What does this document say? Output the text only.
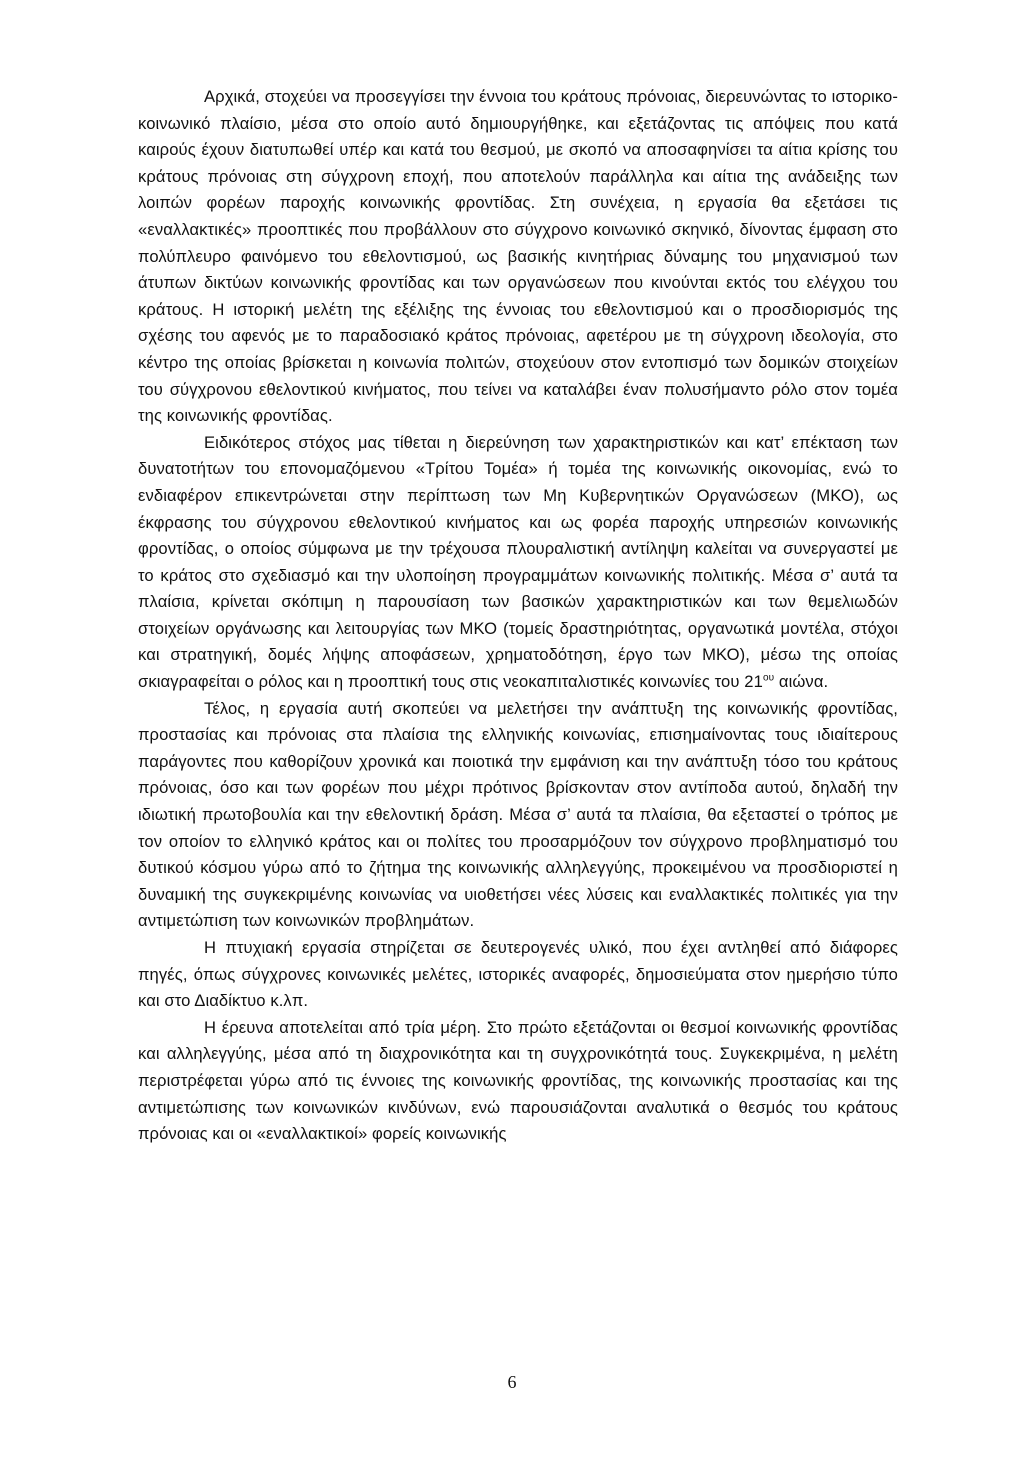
Αρχικά, στοχεύει να προσεγγίσει την έννοια του κράτους πρόνοιας, διερευνώντας το ιστορικο-κοινωνικό πλαίσιο, μέσα στο οποίο αυτό δημιουργήθηκε, και εξετάζοντας τις απόψεις που κατά καιρούς έχουν διατυπωθεί υπέρ και κατά του θεσμού, με σκοπό να αποσαφηνίσει τα αίτια κρίσης του κράτους πρόνοιας στη σύγχρονη εποχή, που αποτελούν παράλληλα και αίτια της ανάδειξης των λοιπών φορέων παροχής κοινωνικής φροντίδας. Στη συνέχεια, η εργασία θα εξετάσει τις «εναλλακτικές» προοπτικές που προβάλλουν στο σύγχρονο κοινωνικό σκηνικό, δίνοντας έμφαση στο πολύπλευρο φαινόμενο του εθελοντισμού, ως βασικής κινητήριας δύναμης του μηχανισμού των άτυπων δικτύων κοινωνικής φροντίδας και των οργανώσεων που κινούνται εκτός του ελέγχου του κράτους. Η ιστορική μελέτη της εξέλιξης της έννοιας του εθελοντισμού και ο προσδιορισμός της σχέσης του αφενός με το παραδοσιακό κράτος πρόνοιας, αφετέρου με τη σύγχρονη ιδεολογία, στο κέντρο της οποίας βρίσκεται η κοινωνία πολιτών, στοχεύουν στον εντοπισμό των δομικών στοιχείων του σύγχρονου εθελοντικού κινήματος, που τείνει να καταλάβει έναν πολυσήμαντο ρόλο στον τομέα της κοινωνικής φροντίδας.

Ειδικότερος στόχος μας τίθεται η διερεύνηση των χαρακτηριστικών και κατ’ επέκταση των δυνατοτήτων του επονομαζόμενου «Τρίτου Τομέα» ή τομέα της κοινωνικής οικονομίας, ενώ το ενδιαφέρον επικεντρώνεται στην περίπτωση των Μη Κυβερνητικών Οργανώσεων (ΜΚΟ), ως έκφρασης του σύγχρονου εθελοντικού κινήματος και ως φορέα παροχής υπηρεσιών κοινωνικής φροντίδας, ο οποίος σύμφωνα με την τρέχουσα πλουραλιστική αντίληψη καλείται να συνεργαστεί με το κράτος στο σχεδιασμό και την υλοποίηση προγραμμάτων κοινωνικής πολιτικής. Μέσα σ’ αυτά τα πλαίσια, κρίνεται σκόπιμη η παρουσίαση των βασικών χαρακτηριστικών και των θεμελιωδών στοιχείων οργάνωσης και λειτουργίας των ΜΚΟ (τομείς δραστηριότητας, οργανωτικά μοντέλα, στόχοι και στρατηγική, δομές λήψης αποφάσεων, χρηματοδότηση, έργο των ΜΚΟ), μέσω της οποίας σκιαγραφείται ο ρόλος και η προοπτική τους στις νεοκαπιταλιστικές κοινωνίες του $21^{o\upsilon}$ αιώνα.

Τέλος, η εργασία αυτή σκοπεύει να μελετήσει την ανάπτυξη της κοινωνικής φροντίδας, προστασίας και πρόνοιας στα πλαίσια της ελληνικής κοινωνίας, επισημαίνοντας τους ιδιαίτερους παράγοντες που καθορίζουν χρονικά και ποιοτικά την εμφάνιση και την ανάπτυξη τόσο του κράτους πρόνοιας, όσο και των φορέων που μέχρι πρότινος βρίσκονταν στον αντίποδα αυτού, δηλαδή την ιδιωτική πρωτοβουλία και την εθελοντική δράση. Μέσα σ’ αυτά τα πλαίσια, θα εξεταστεί ο τρόπος με τον οποίον το ελληνικό κράτος και οι πολίτες του προσαρμόζουν τον σύγχρονο προβληματισμό του δυτικού κόσμου γύρω από το ζήτημα της κοινωνικής αλληλεγγύης, προκειμένου να προσδιοριστεί η δυναμική της συγκεκριμένης κοινωνίας να υιοθετήσει νέες λύσεις και εναλλακτικές πολιτικές για την αντιμετώπιση των κοινωνικών προβλημάτων.

Η πτυχιακή εργασία στηρίζεται σε δευτερογενές υλικό, που έχει αντληθεί από διάφορες πηγές, όπως σύγχρονες κοινωνικές μελέτες, ιστορικές αναφορές, δημοσιεύματα στον ημερήσιο τύπο και στο Διαδίκτυο κ.λπ.

Η έρευνα αποτελείται από τρία μέρη. Στο πρώτο εξετάζονται οι θεσμοί κοινωνικής φροντίδας και αλληλεγγύης, μέσα από τη διαχρονικότητα και τη συγχρονικότητά τους. Συγκεκριμένα, η μελέτη περιστρέφεται γύρω από τις έννοιες της κοινωνικής φροντίδας, της κοινωνικής προστασίας και της αντιμετώπισης των κοινωνικών κινδύνων, ενώ παρουσιάζονται αναλυτικά ο θεσμός του κράτους πρόνοιας και οι «εναλλακτικοί» φορείς κοινωνικής

6
